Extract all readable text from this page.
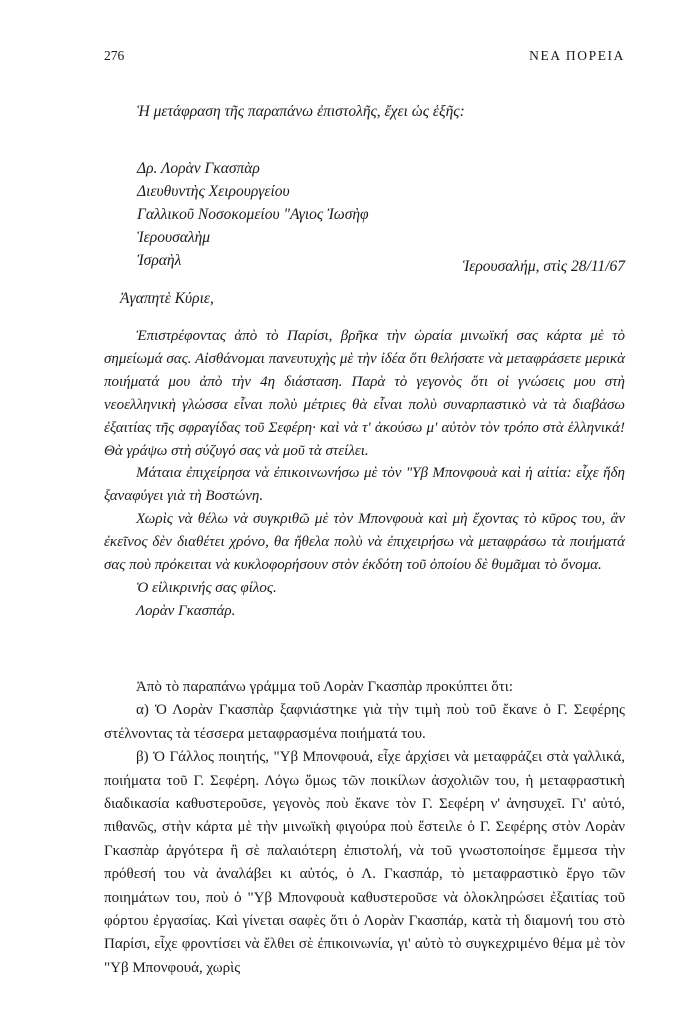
276	ΝΕΑ ΠΟΡΕΙΑ
Ἡ μετάφραση τῆς παραπάνω ἐπιστολῆς, ἔχει ὡς ἑξῆς:
Δρ. Λορὰν Γκασπὰρ
Διευθυντὴς Χειρουργείου
Γαλλικοῦ Νοσοκομείου "Αγιος Ἰωσὴφ
Ἱερουσαλὴμ
Ἰσραὴλ	Ἱερουσαλήμ, στὶς 28/11/67
Ἀγαπητὲ Κύριε,

Ἐπιστρέφοντας ἀπὸ τὸ Παρίσι, βρῆκα τὴν ὡραία μινωϊκή σας κάρτα μὲ τὸ σημείωμά σας. Αἰσθάνομαι πανευτυχὴς μὲ τὴν ἰδέα ὅτι θελήσατε νὰ μεταφράσετε μερικὰ ποιήματά μου ἀπὸ τὴν 4η διάσταση. Παρὰ τὸ γεγονὸς ὅτι οἱ γνώσεις μου στὴ νεοελληνικὴ γλώσσα εἶναι πολὺ μέτριες θὰ εἶναι πολὺ συναρπαστικὸ νὰ τὰ διαβάσω ἐξαιτίας τῆς σφραγίδας τοῦ Σεφέρη· καὶ νὰ τ' ἀκούσω μ' αὐτὸν τὸν τρόπο στὰ ἑλληνικά! Θὰ γράψω στὴ σύζυγό σας νὰ μοῦ τὰ στείλει.

Μάταια ἐπιχείρησα νὰ ἐπικοινωνήσω μὲ τὸν "Υβ Μπονφουὰ καὶ ἡ αἰτία: εἶχε ἤδη ξαναφύγει γιὰ τὴ Βοστώνη.

Χωρὶς νὰ θέλω νὰ συγκριθῶ μὲ τὸν Μπονφουὰ καὶ μὴ ἔχοντας τὸ κῦρος του, ἂν ἐκεῖνος δὲν διαθέτει χρόνο, θα ἤθελα πολὺ νὰ ἐπιχειρήσω νὰ μεταφράσω τὰ ποιήματά σας ποὺ πρόκειται νὰ κυκλοφορήσουν στὸν ἐκδότη τοῦ ὁποίου δὲ θυμᾶμαι τὸ ὄνομα.

Ὁ εἰλικρινής σας φίλος.

Λορὰν Γκασπάρ.

Ἀπὸ τὸ παραπάνω γράμμα τοῦ Λορὰν Γκασπὰρ προκύπτει ὅτι:

α) Ὁ Λορὰν Γκασπὰρ ξαφνιάστηκε γιὰ τὴν τιμὴ ποὺ τοῦ ἔκανε ὁ Γ. Σεφέρης στέλνοντας τὰ τέσσερα μεταφρασμένα ποιήματά του.

β) Ὁ Γάλλος ποιητής, "Υβ Μπονφουά, εἶχε ἀρχίσει νὰ μεταφράζει στὰ γαλλικά, ποιήματα τοῦ Γ. Σεφέρη. Λόγω ὅμως τῶν ποικίλων ἀσχολιῶν του, ἡ μεταφραστικὴ διαδικασία καθυστεροῦσε, γεγονὸς ποὺ ἔκανε τὸν Γ. Σεφέρη ν' ἀνησυχεῖ. Γι' αὐτό, πιθανῶς, στὴν κάρτα μὲ τὴν μινωϊκὴ φιγούρα ποὺ ἔστειλε ὁ Γ. Σεφέρης στὸν Λορὰν Γκασπὰρ ἀργότερα ἢ σὲ παλαιότερη ἐπιστολή, νὰ τοῦ γνωστοποίησε ἔμμεσα τὴν πρόθεσή του νὰ ἀναλάβει κι αὐτός, ὁ Λ. Γκασπάρ, τὸ μεταφραστικὸ ἔργο τῶν ποιημάτων του, ποὺ ὁ "Υβ Μπονφουὰ καθυστεροῦσε νὰ ὁλοκληρώσει ἐξαιτίας τοῦ φόρτου ἐργασίας. Καὶ γίνεται σαφὲς ὅτι ὁ Λορὰν Γκασπάρ, κατὰ τὴ διαμονή του στὸ Παρίσι, εἶχε φροντίσει νὰ ἔλθει σὲ ἐπικοινωνία, γι' αὐτὸ τὸ συγκεχριμένο θέμα μὲ τὸν "Υβ Μπονφουά, χωρὶς
